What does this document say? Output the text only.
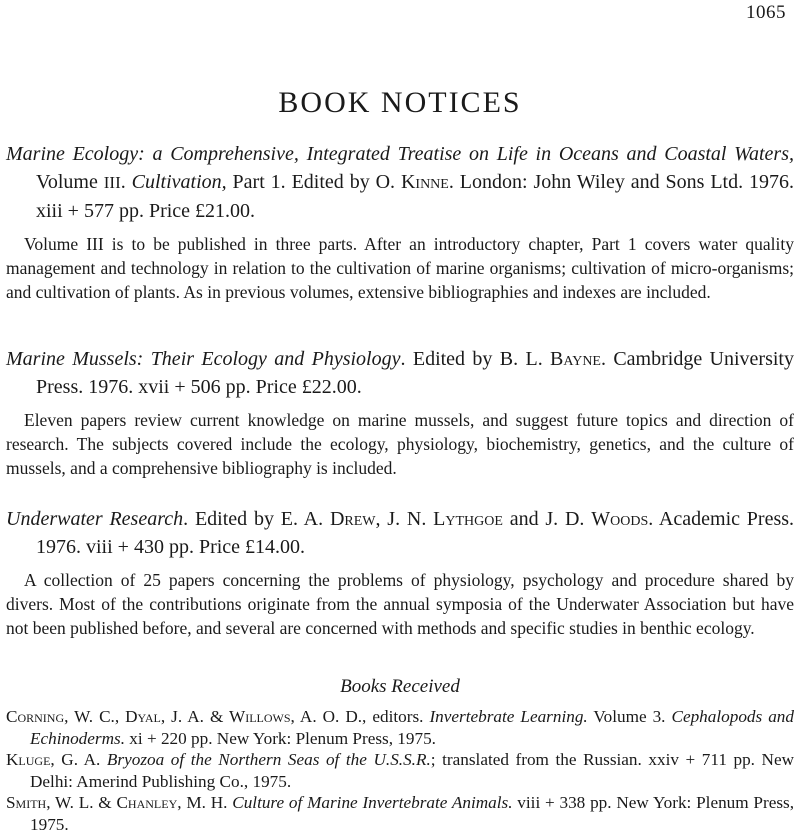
1065
BOOK NOTICES
Marine Ecology: a Comprehensive, Integrated Treatise on Life in Oceans and Coastal Waters, Volume III. Cultivation, Part 1. Edited by O. Kinne. London: John Wiley and Sons Ltd. 1976. xiii + 577 pp. Price £21.00.
Volume III is to be published in three parts. After an introductory chapter, Part 1 covers water quality management and technology in relation to the cultivation of marine organisms; cultivation of micro-organisms; and cultivation of plants. As in previous volumes, extensive bibliographies and indexes are included.
Marine Mussels: Their Ecology and Physiology. Edited by B. L. Bayne. Cambridge University Press. 1976. xvii + 506 pp. Price £22.00.
Eleven papers review current knowledge on marine mussels, and suggest future topics and direction of research. The subjects covered include the ecology, physiology, biochemistry, genetics, and the culture of mussels, and a comprehensive bibliography is included.
Underwater Research. Edited by E. A. Drew, J. N. Lythgoe and J. D. Woods. Academic Press. 1976. viii + 430 pp. Price £14.00.
A collection of 25 papers concerning the problems of physiology, psychology and procedure shared by divers. Most of the contributions originate from the annual symposia of the Underwater Association but have not been published before, and several are concerned with methods and specific studies in benthic ecology.
Books Received
Corning, W. C., Dyal, J. A. & Willows, A. O. D., editors. Invertebrate Learning. Volume 3. Cephalopods and Echinoderms. xi + 220 pp. New York: Plenum Press, 1975.
Kluge, G. A. Bryozoa of the Northern Seas of the U.S.S.R.; translated from the Russian. xxiv + 711 pp. New Delhi: Amerind Publishing Co., 1975.
Smith, W. L. & Chanley, M. H. Culture of Marine Invertebrate Animals. viii + 338 pp. New York: Plenum Press, 1975.
